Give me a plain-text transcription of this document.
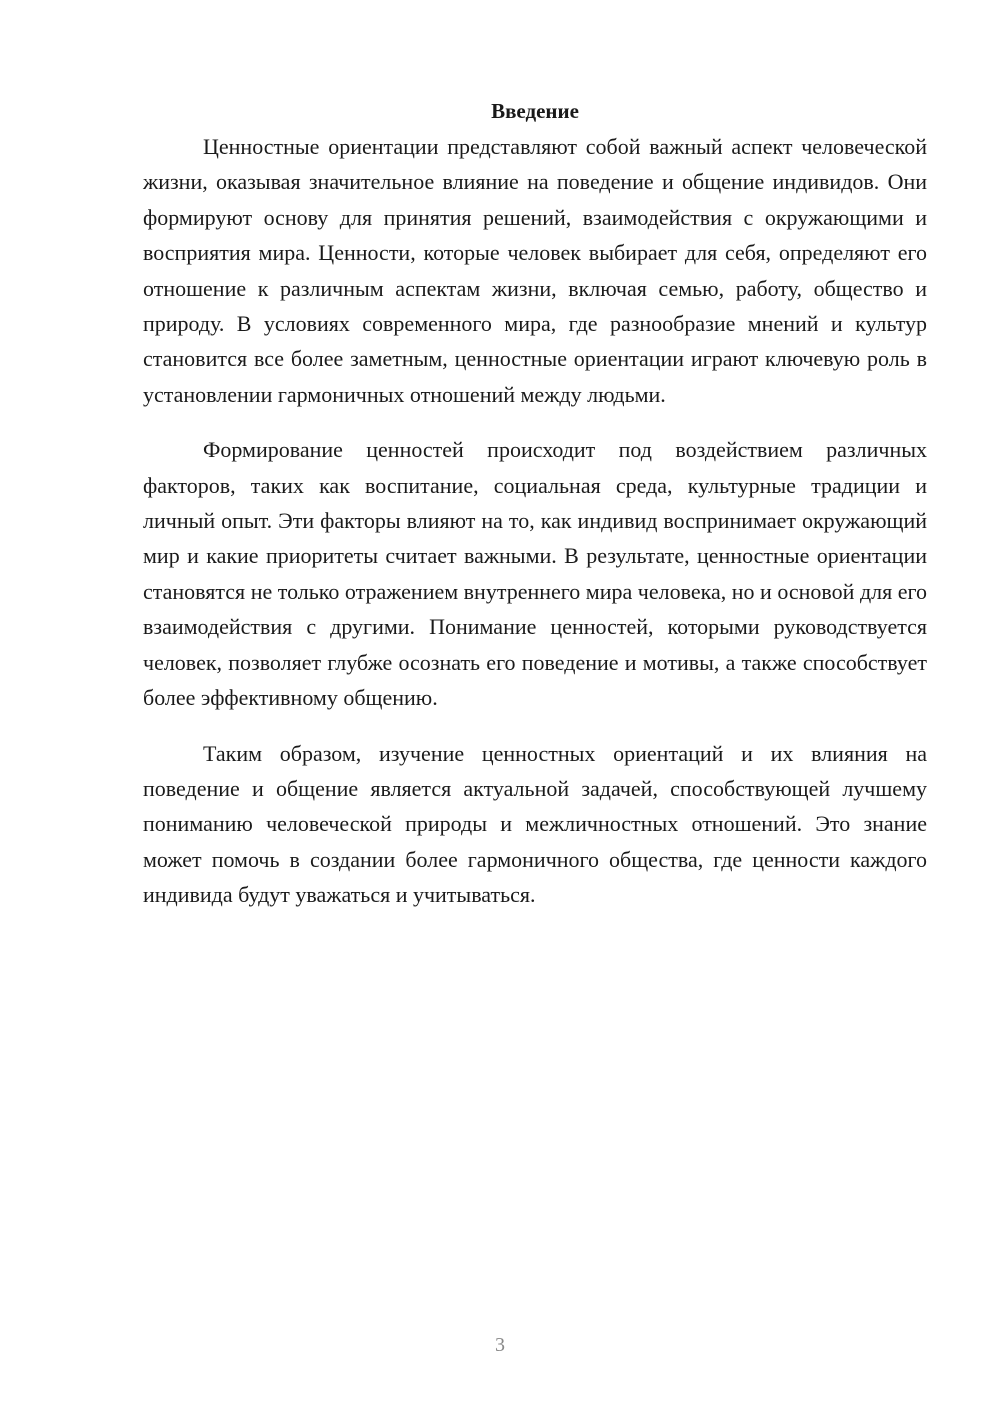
Введение

Ценностные ориентации представляют собой важный аспект человеческой жизни, оказывая значительное влияние на поведение и общение индивидов. Они формируют основу для принятия решений, взаимодействия с окружающими и восприятия мира. Ценности, которые человек выбирает для себя, определяют его отношение к различным аспектам жизни, включая семью, работу, общество и природу. В условиях современного мира, где разнообразие мнений и культур становится все более заметным, ценностные ориентации играют ключевую роль в установлении гармоничных отношений между людьми.

Формирование ценностей происходит под воздействием различных факторов, таких как воспитание, социальная среда, культурные традиции и личный опыт. Эти факторы влияют на то, как индивид воспринимает окружающий мир и какие приоритеты считает важными. В результате, ценностные ориентации становятся не только отражением внутреннего мира человека, но и основой для его взаимодействия с другими. Понимание ценностей, которыми руководствуется человек, позволяет глубже осознать его поведение и мотивы, а также способствует более эффективному общению.

Таким образом, изучение ценностных ориентаций и их влияния на поведение и общение является актуальной задачей, способствующей лучшему пониманию человеческой природы и межличностных отношений. Это знание может помочь в создании более гармоничного общества, где ценности каждого индивида будут уважаться и учитываться.

3
